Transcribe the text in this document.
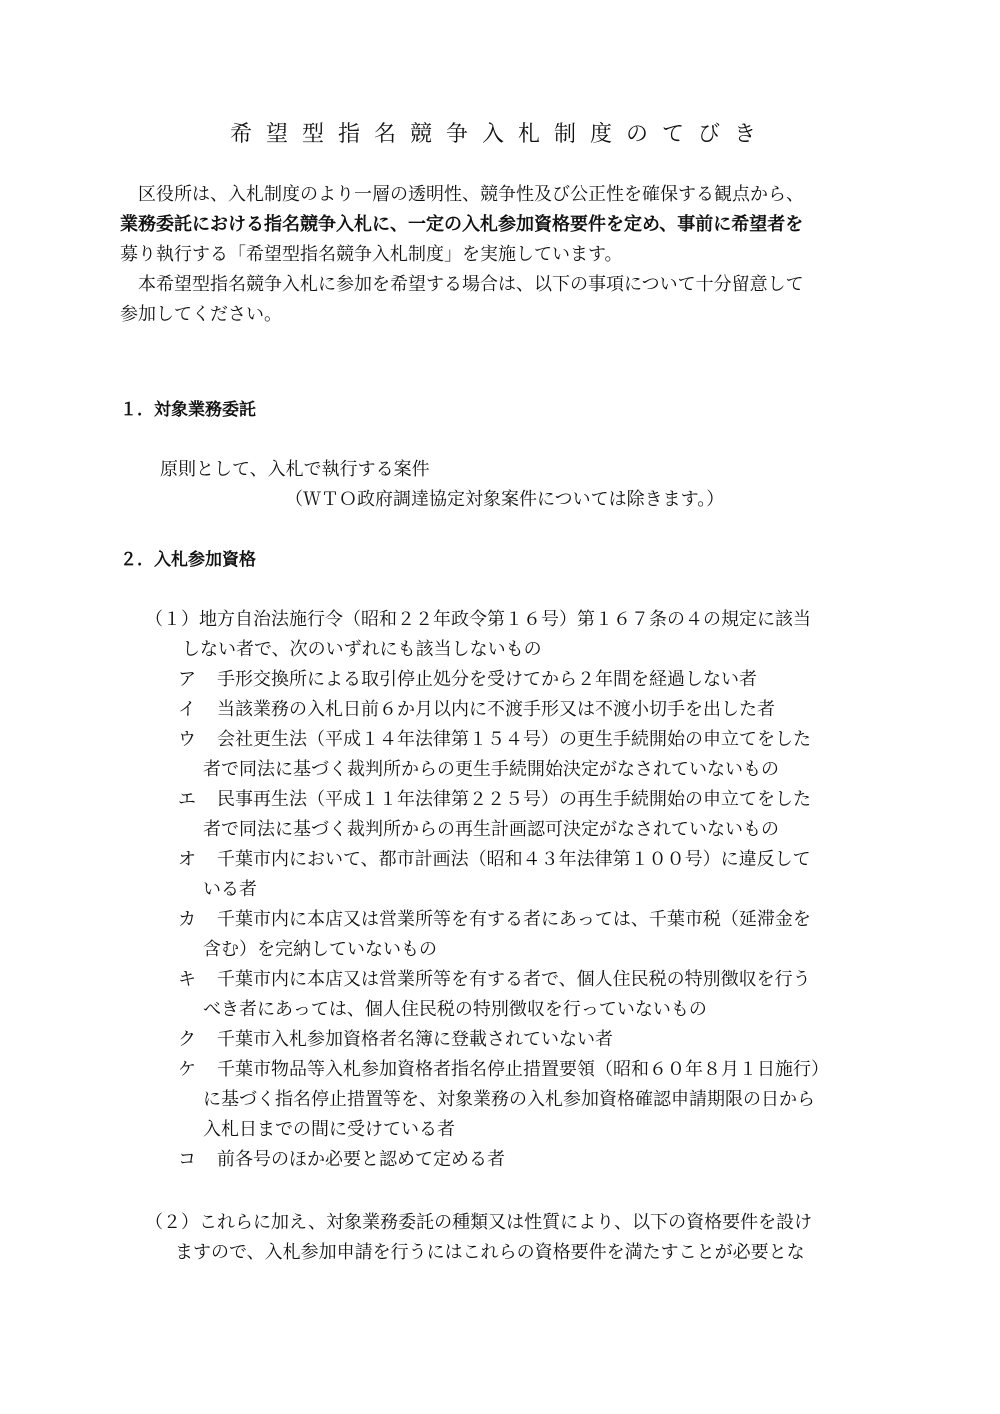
希望型指名競争入札制度のてびき

区役所は、入札制度のより一層の透明性、競争性及び公正性を確保する観点から、

業務委託における指名競争入札に、一定の入札参加資格要件を定め、事前に希望者を

募り執行する「希望型指名競争入札制度」を実施しています。

本希望型指名競争入札に参加を希望する場合は、以下の事項について十分留意して

参加してください。

１．対象業務委託
原則として、入札で執行する案件
（ＷＴＯ政府調達協定対象案件については除きます。）
２．入札参加資格
（１）地方自治法施行令（昭和２２年政令第１６号）第１６７条の４の規定に該当
しない者で、次のいずれにも該当しないもの
ア 手形交換所による取引停止処分を受けてから２年間を経過しない者
イ 当該業務の入札日前６か月以内に不渡手形又は不渡小切手を出した者
ウ 会社更生法（平成１４年法律第１５４号）の更生手続開始の申立てをした
者で同法に基づく裁判所からの更生手続開始決定がなされていないもの
エ 民事再生法（平成１１年法律第２２５号）の再生手続開始の申立てをした
者で同法に基づく裁判所からの再生計画認可決定がなされていないもの
オ 千葉市内において、都市計画法（昭和４３年法律第１００号）に違反して
いる者
カ 千葉市内に本店又は営業所等を有する者にあっては、千葉市税（延滞金を
含む）を完納していないもの
キ 千葉市内に本店又は営業所等を有する者で、個人住民税の特別徴収を行う
べき者にあっては、個人住民税の特別徴収を行っていないもの
ク 千葉市入札参加資格者名簿に登載されていない者
ケ 千葉市物品等入札参加資格者指名停止措置要領（昭和６０年８月１日施行）
に基づく指名停止措置等を、対象業務の入札参加資格確認申請期限の日から
入札日までの間に受けている者
コ 前各号のほか必要と認めて定める者
（２）これらに加え、対象業務委託の種類又は性質により、以下の資格要件を設け
ますので、入札参加申請を行うにはこれらの資格要件を満たすことが必要とな
